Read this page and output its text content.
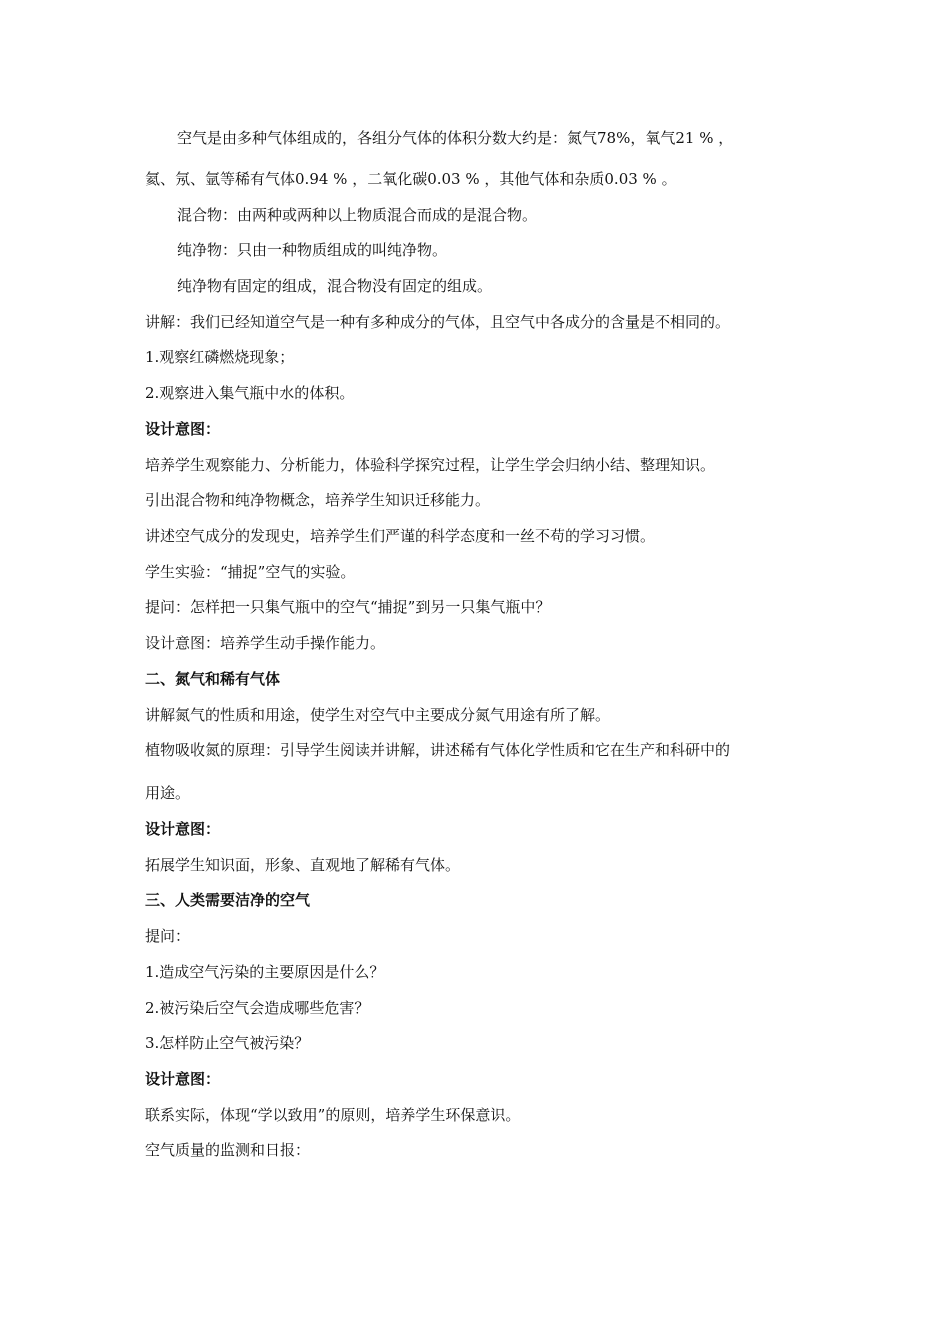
空气是由多种气体组成的，各组分气体的体积分数大约是：氮气78%，氧气21 % ，
氦、氖、氩等稀有气体0.94 % ，二氧化碳0.03 % ，其他气体和杂质0.03 % 。
混合物：由两种或两种以上物质混合而成的是混合物。
纯净物：只由一种物质组成的叫纯净物。
纯净物有固定的组成，混合物没有固定的组成。
讲解：我们已经知道空气是一种有多种成分的气体，且空气中各成分的含量是不相同的。
1.观察红磷燃烧现象；
2.观察进入集气瓶中水的体积。
设计意图：
培养学生观察能力、分析能力，体验科学探究过程，让学生学会归纳小结、整理知识。
引出混合物和纯净物概念，培养学生知识迁移能力。
讲述空气成分的发现史，培养学生们严谨的科学态度和一丝不苟的学习习惯。
学生实验：“捕捉”空气的实验。
提问：怎样把一只集气瓶中的空气“捕捉”到另一只集气瓶中？
设计意图：培养学生动手操作能力。
二、氮气和稀有气体
讲解氮气的性质和用途，使学生对空气中主要成分氮气用途有所了解。
植物吸收氮的原理：引导学生阅读并讲解，讲述稀有气体化学性质和它在生产和科研中的
用途。
设计意图：
拓展学生知识面，形象、直观地了解稀有气体。
三、人类需要洁净的空气
提问：
1.造成空气污染的主要原因是什么？
2.被污染后空气会造成哪些危害？
3.怎样防止空气被污染？
设计意图：
联系实际，体现“学以致用”的原则，培养学生环保意识。
空气质量的监测和日报：
